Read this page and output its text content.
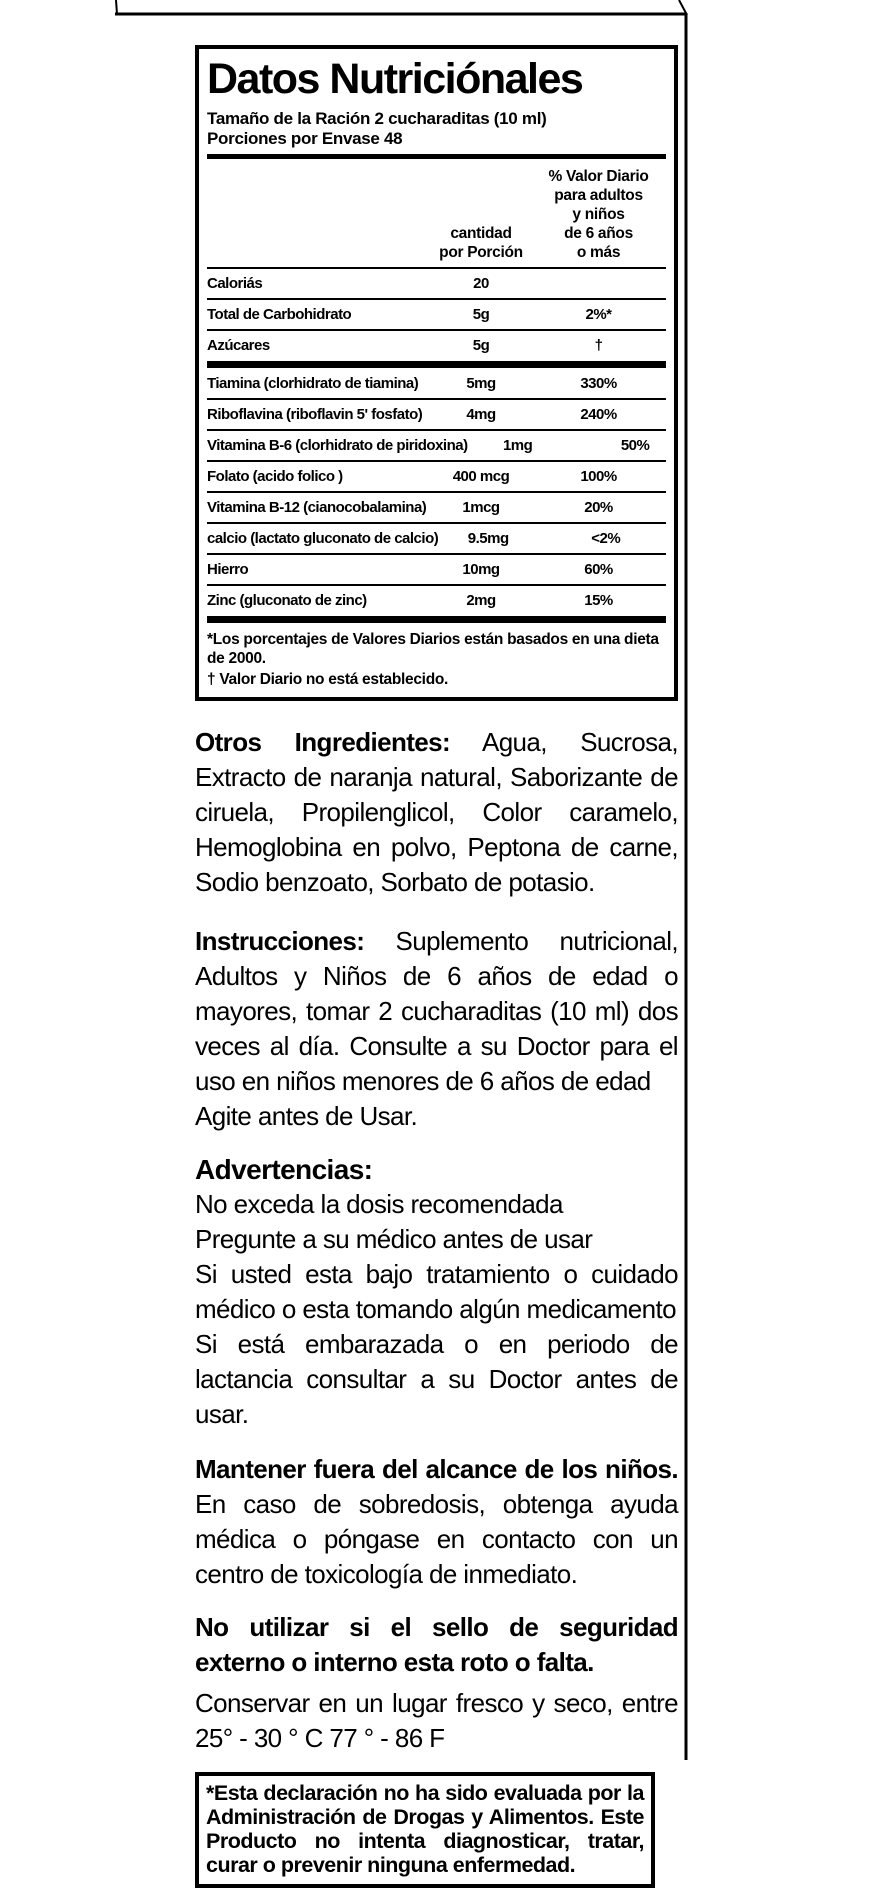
Datos Nutriciónales
Tamaño de la Ración 2 cucharaditas (10 ml)
Porciones por Envase 48
cantidad
por Porción
% Valor Diario
para adultos
y niños
de 6 años
o más
Caloriás	20
Total de Carbohidrato	5g	2%*
Azúcares	5g	†
Tiamina (clorhidrato de tiamina)	5mg	330%
Riboflavina (riboflavin 5' fosfato)	4mg	240%
Vitamina B-6 (clorhidrato de piridoxina)	1mg	50%
Folato (acido folico )	400 mcg	100%
Vitamina B-12 (cianocobalamina)	1mcg	20%
calcio (lactato gluconato de calcio)	9.5mg	<2%
Hierro	10mg	60%
Zinc (gluconato de zinc)	2mg	15%

*Los porcentajes de Valores Diarios están basados en una dieta de 2000.

† Valor Diario no está establecido.

Otros Ingredientes: Agua, Sucrosa, Extracto de naranja natural, Saborizante de ciruela, Propilenglicol, Color caramelo, Hemoglobina en polvo, Peptona de carne, Sodio benzoato, Sorbato de potasio.

Instrucciones: Suplemento nutricional, Adultos y Niños de 6 años de edad o mayores, tomar 2 cucharaditas (10 ml) dos veces al día. Consulte a su Doctor para el uso en niños menores de 6 años de edad

Agite antes de Usar.

Advertencias:

No exceda la dosis recomendada

Pregunte a su médico antes de usar

Si usted esta bajo tratamiento o cuidado médico o esta tomando algún medicamento

Si está embarazada o en periodo de lactancia consultar a su Doctor antes de usar.

Mantener fuera del alcance de los niños. En caso de sobredosis, obtenga ayuda médica o póngase en contacto con un centro de toxicología de inmediato.

No utilizar si el sello de seguridad externo o interno esta roto o falta.

Conservar en un lugar fresco y seco, entre 25° - 30 ° C 77 ° - 86 F

*Esta declaración no ha sido evaluada por la Administración de Drogas y Alimentos. Este Producto no intenta diagnosticar, tratar, curar o prevenir ninguna enfermedad.
